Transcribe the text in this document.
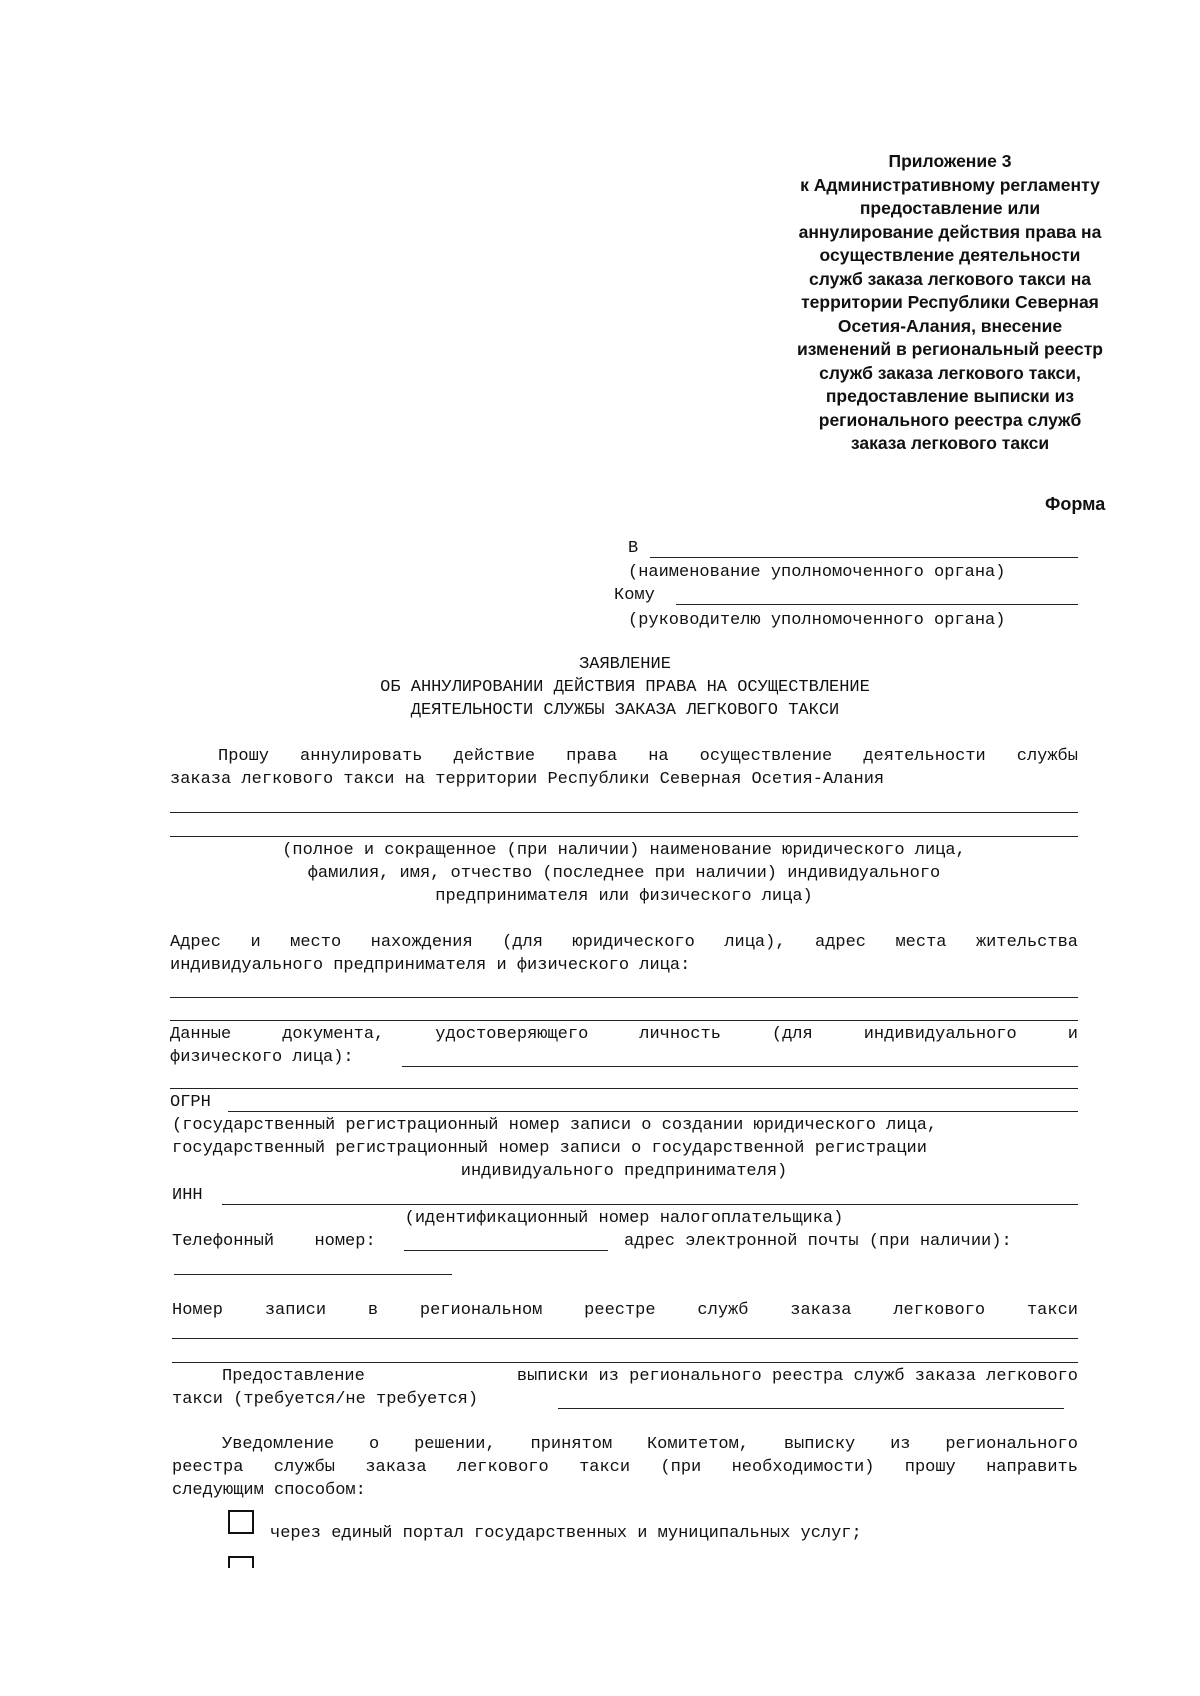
Приложение 3
к Административному регламенту
предоставление или
аннулирование действия права на
осуществление деятельности
служб заказа легкового такси на
территории Республики Северная
Осетия-Алания, внесение
изменений в региональный реестр
служб заказа легкового такси,
предоставление выписки из
регионального реестра служб
заказа легкового такси
Форма
В
(наименование уполномоченного органа)
Кому
(руководителю уполномоченного органа)
ЗАЯВЛЕНИЕ
ОБ АННУЛИРОВАНИИ ДЕЙСТВИЯ ПРАВА НА ОСУЩЕСТВЛЕНИЕ
ДЕЯТЕЛЬНОСТИ СЛУЖБЫ ЗАКАЗА ЛЕГКОВОГО ТАКСИ
Прошу аннулировать действие права на осуществление деятельности службы
заказа легкового такси на территории Республики Северная Осетия-Алания
(полное и сокращенное (при наличии) наименование юридического лица,
фамилия, имя, отчество (последнее при наличии) индивидуального
предпринимателя или физического лица)
Адрес и место нахождения (для юридического лица), адрес места жительства
индивидуального предпринимателя и физического лица:
Данные	документа,	удостоверяющего	личность	(для	индивидуального	и
физического лица):
ОГРН
(государственный регистрационный номер записи о создании юридического лица,
государственный регистрационный номер записи о государственной регистрации
индивидуального предпринимателя)
ИНН
(идентификационный номер налогоплательщика)
Телефонный номер:	адрес электронной почты (при наличии):
Номер записи в региональном реестре служб заказа легкового такси
Предоставление	выписки из регионального реестра служб заказа легкового
такси (требуется/не требуется)
Уведомление о решении, принятом Комитетом, выписку из регионального
реестра службы заказа легкового такси (при необходимости) прошу направить
следующим способом:
через единый портал государственных и муниципальных услуг;
